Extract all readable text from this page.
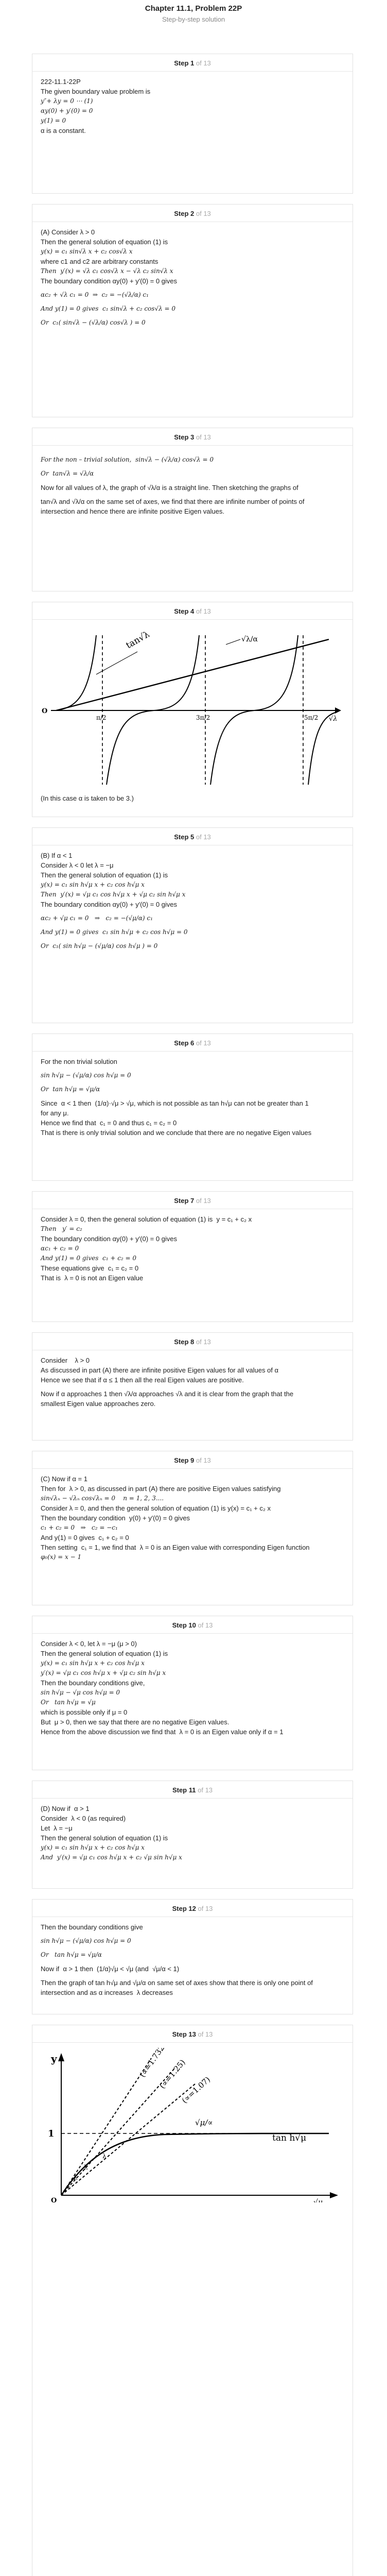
Chapter 11.1, Problem 22P
Step-by-step solution
Step 1 of 13

222-11.1-22P

The given boundary value problem is

y″+ λy = 0 ⋯ (1)

αy(0) + y′(0) = 0

y(1) = 0

α is a constant.

Step 2 of 13

(A) Consider λ > 0

Then the general solution of equation (1) is

y(x) = c₁ sin√λ x + c₂ cos√λ x

where c1 and c2 are arbitrary constants

Then  y′(x) = √λ c₁ cos√λ x − √λ c₂ sin√λ x

The boundary condition αy(0) + y′(0) = 0 gives

αc₂ + √λ c₁ = 0  ⇒  c₂ = −(√λ/α) c₁

And y(1) = 0 gives  c₁ sin√λ + c₂ cos√λ = 0

Or  c₁( sin√λ − (√λ/α) cos√λ ) = 0

Step 3 of 13

For the non – trivial solution,  sin√λ − (√λ/α) cos√λ = 0

Or  tan√λ = √λ/α

Now for all values of λ, the graph of √λ/α is a straight line. Then sketching the graphs of

tan√λ and √λ/α on the same set of axes, we find that there are infinite number of points of

intersection and hence there are infinite positive Eigen values.

Step 4 of 13
O
√λ
tan√λ	√λ/α
π/2	3π/2	5π/2

(In this case α is taken to be 3.)

Step 5 of 13

(B) If α < 1

Consider λ < 0 let λ = −μ

Then the general solution of equation (1) is

y(x) = c₁ sin h√μ x + c₂ cos h√μ x

Then  y′(x) = √μ c₁ cos h√μ x + √μ c₂ sin h√μ x

The boundary condition αy(0) + y′(0) = 0 gives

αc₂ + √μ c₁ = 0   ⇒   c₂ = −(√μ/α) c₁

And y(1) = 0 gives  c₁ sin h√μ + c₂ cos h√μ = 0

Or  c₁( sin h√μ − (√μ/α) cos h√μ ) = 0

Step 6 of 13

For the non trivial solution

sin h√μ − (√μ/α) cos h√μ = 0

Or  tan h√μ = √μ/α

Since  α < 1 then  (1/α)·√μ > √μ, which is not possible as tan h√μ can not be greater than 1

for any μ.

Hence we find that  c₁ = 0 and thus c₁ = c₂ = 0

That is there is only trivial solution and we conclude that there are no negative Eigen values

Step 7 of 13

Consider λ = 0, then the general solution of equation (1) is  y = c₁ + c₂ x

Then   y′ = c₂

The boundary condition αy(0) + y′(0) = 0 gives

αc₁ + c₂ = 0

And y(1) = 0 gives  c₁ + c₂ = 0

These equations give  c₁ = c₂ = 0

That is  λ = 0 is not an Eigen value

Step 8 of 13

Consider    λ > 0

As discussed in part (A) there are infinite positive Eigen values for all values of α

Hence we see that if α ≤ 1 then all the real Eigen values are positive.

Now if α approaches 1 then √λ/α approaches √λ and it is clear from the graph that the

smallest Eigen value approaches zero.

Step 9 of 13

(C) Now if α = 1

Then for  λ > 0, as discussed in part (A) there are positive Eigen values satisfying

sin√λₙ − √λₙ cos√λₙ = 0    n = 1, 2, 3....

Consider λ = 0, and then the general solution of equation (1) is y(x) = c₁ + c₂ x

Then the boundary condition  y(0) + y′(0) = 0 gives

c₁ + c₂ = 0   ⇒   c₂ = −c₁

And y(1) = 0 gives  c₁ + c₂ = 0

Then setting  c₁ = 1, we find that  λ = 0 is an Eigen value with corresponding Eigen function

φ₀(x) = x − 1

Step 10 of 13

Consider λ < 0, let λ = −μ (μ > 0)

Then the general solution of equation (1) is

y(x) = c₁ sin h√μ x + c₂ cos h√μ x

y′(x) = √μ c₁ cos h√μ x + √μ c₂ sin h√μ x

Then the boundary conditions give,

sin h√μ − √μ cos h√μ = 0

Or   tan h√μ = √μ

which is possible only if μ = 0

But  μ > 0, then we say that there are no negative Eigen values.

Hence from the above discussion we find that  λ = 0 is an Eigen value only if α = 1

Step 11 of 13

(D) Now if  α > 1

Consider  λ < 0 (as required)

Let  λ = −μ

Then the general solution of equation (1) is

y(x) = c₁ sin h√μ x + c₂ cos h√μ x

And  y′(x) = √μ c₁ cos h√μ x + c₂ √μ sin h√μ x

Step 12 of 13

Then the boundary conditions give

sin h√μ − (√μ/α) cos h√μ = 0

Or   tan h√μ = √μ/α

Now if  α > 1 then  (1/α)√μ < √μ (and  √μ/α < 1)

Then the graph of tan h√μ and √μ/α on same set of axes show that there is only one point of

intersection and as α increases  λ decreases

Step 13 of 13
y
√μ
O
1	tan h√μ
(∝=1.732)
(∝=1.25)
(∝=1.07)
√μ/∝
λ
λ
λ
